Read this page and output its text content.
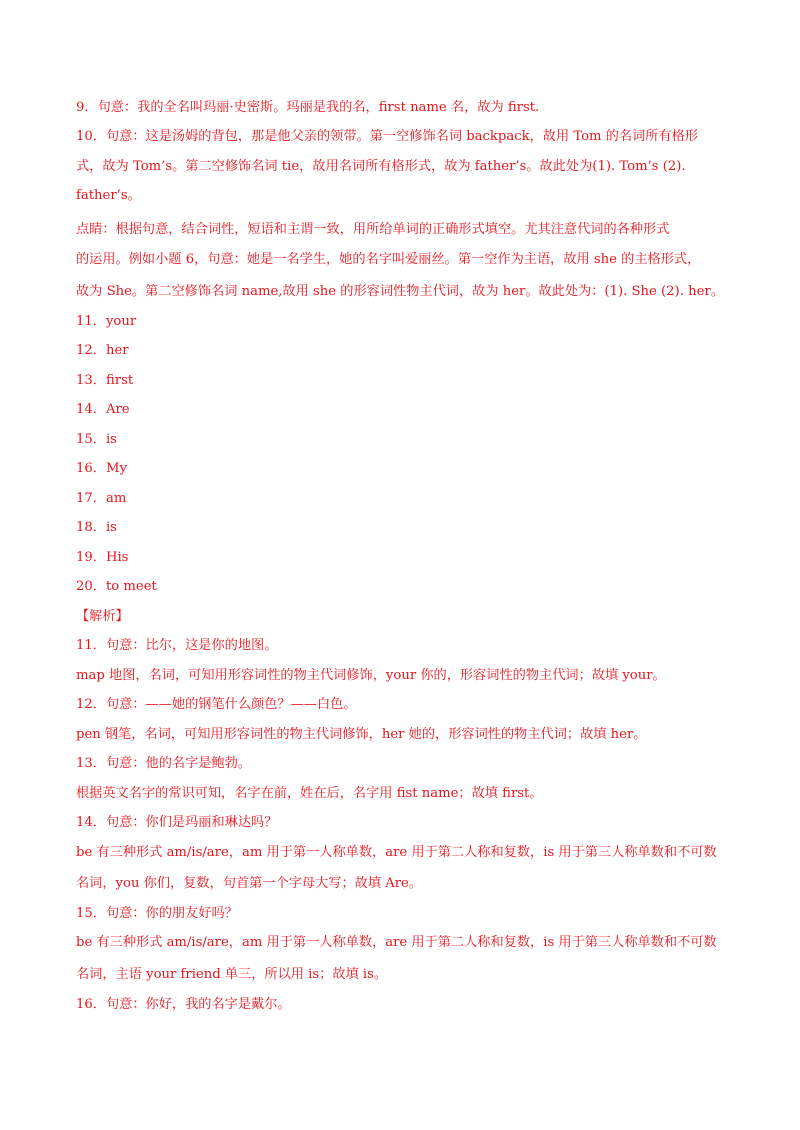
9．句意：我的全名叫玛丽·史密斯。玛丽是我的名，first name 名，故为 first.
10．句意：这是汤姆的背包，那是他父亲的领带。第一空修饰名词 backpack，故用 Tom 的名词所有格形
式，故为 Tom’s。第二空修饰名词 tie，故用名词所有格形式，故为 father’s。故此处为(1). Tom’s (2).
father’s。
点睛：根据句意，结合词性，短语和主谓一致，用所给单词的正确形式填空。尤其注意代词的各种形式
的运用。例如小题 6，句意：她是一名学生，她的名字叫爱丽丝。第一空作为主语，故用 she 的主格形式，
故为 She。第二空修饰名词 name,故用 she 的形容词性物主代词，故为 her。故此处为：(1). She (2). her。
11．your
12．her
13．first
14．Are
15．is
16．My
17．am
18．is
19．His
20．to meet
【解析】
11．句意：比尔，这是你的地图。
map 地图，名词，可知用形容词性的物主代词修饰，your 你的，形容词性的物主代词；故填 your。
12．句意：——她的钢笔什么颜色？——白色。
pen 钢笔，名词，可知用形容词性的物主代词修饰，her 她的，形容词性的物主代词；故填 her。
13．句意：他的名字是鲍勃。
根据英文名字的常识可知，名字在前，姓在后，名字用 fist name；故填 first。
14．句意：你们是玛丽和琳达吗？
be 有三种形式 am/is/are，am 用于第一人称单数，are 用于第二人称和复数，is 用于第三人称单数和不可数
名词，you 你们，复数，句首第一个字母大写；故填 Are。
15．句意：你的朋友好吗？
be 有三种形式 am/is/are，am 用于第一人称单数，are 用于第二人称和复数，is 用于第三人称单数和不可数
名词，主语 your friend 单三，所以用 is；故填 is。
16．句意：你好，我的名字是戴尔。
